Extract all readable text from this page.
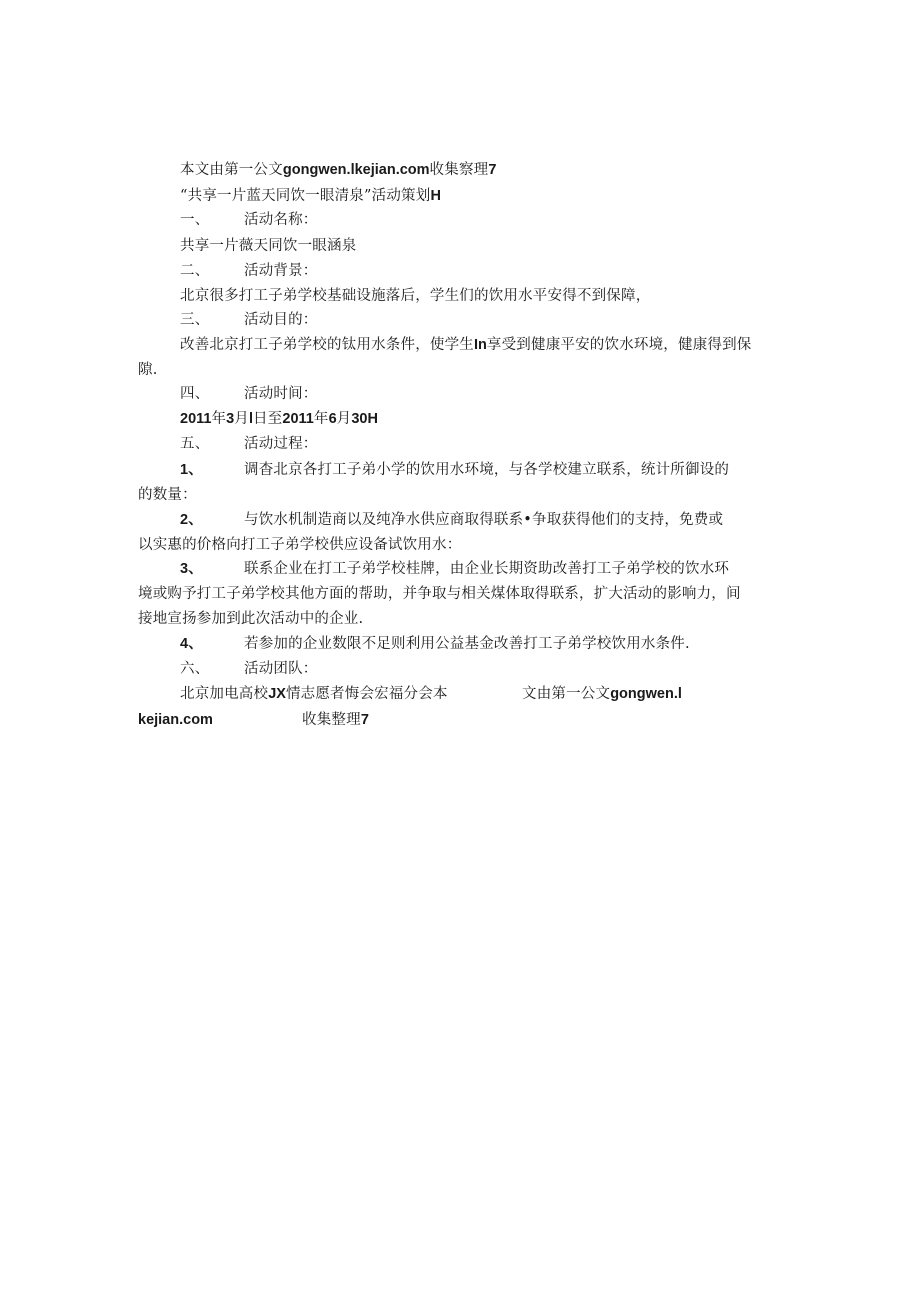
本文由第一公文gongwen.lkejian.com收集察理7
“共享一片蓝天同饮一眼清泉”活动策划H
一、 活动名称：
共享一片薇天同饮一眼涵泉
二、 活动背景：
北京很多打工子弟学校基础设施落后，学生们的饮用水平安得不到保障，
三、 活动目的：
改善北京打工子弟学校的钛用水条件，使学生In享受到健康平安的饮水环境，健康得到保
隙.
四、 活动时间：
2011年3月l日至2011年6月30H
五、 活动过程：
1、	调杳北京各打工子弟小学的饮用水环境，与各学校建立联系，统计所御设的
的数量：
2、	与饮水机制造商以及纯净水供应商取得联系•争取获得他们的支持，免费或
以实惠的价格向打工子弟学校供应设备试饮用水：
3、	联系企业在打工子弟学校桂牌，由企业长期资助改善打工子弟学校的饮水环
境或购予打工子弟学校其他方面的帮助，并争取与相关煤体取得联系，扩大活动的影响力，间
接地宣扬参加到此次活动中的企业.
4、	若参加的企业数限不足则利用公益基金改善打工子弟学校饮用水条件.
六、 活动团队：
北京加电高校JX情志愿者悔会宏福分会本	文由第一公文gongwen.l
kejian.com	收集整理7
